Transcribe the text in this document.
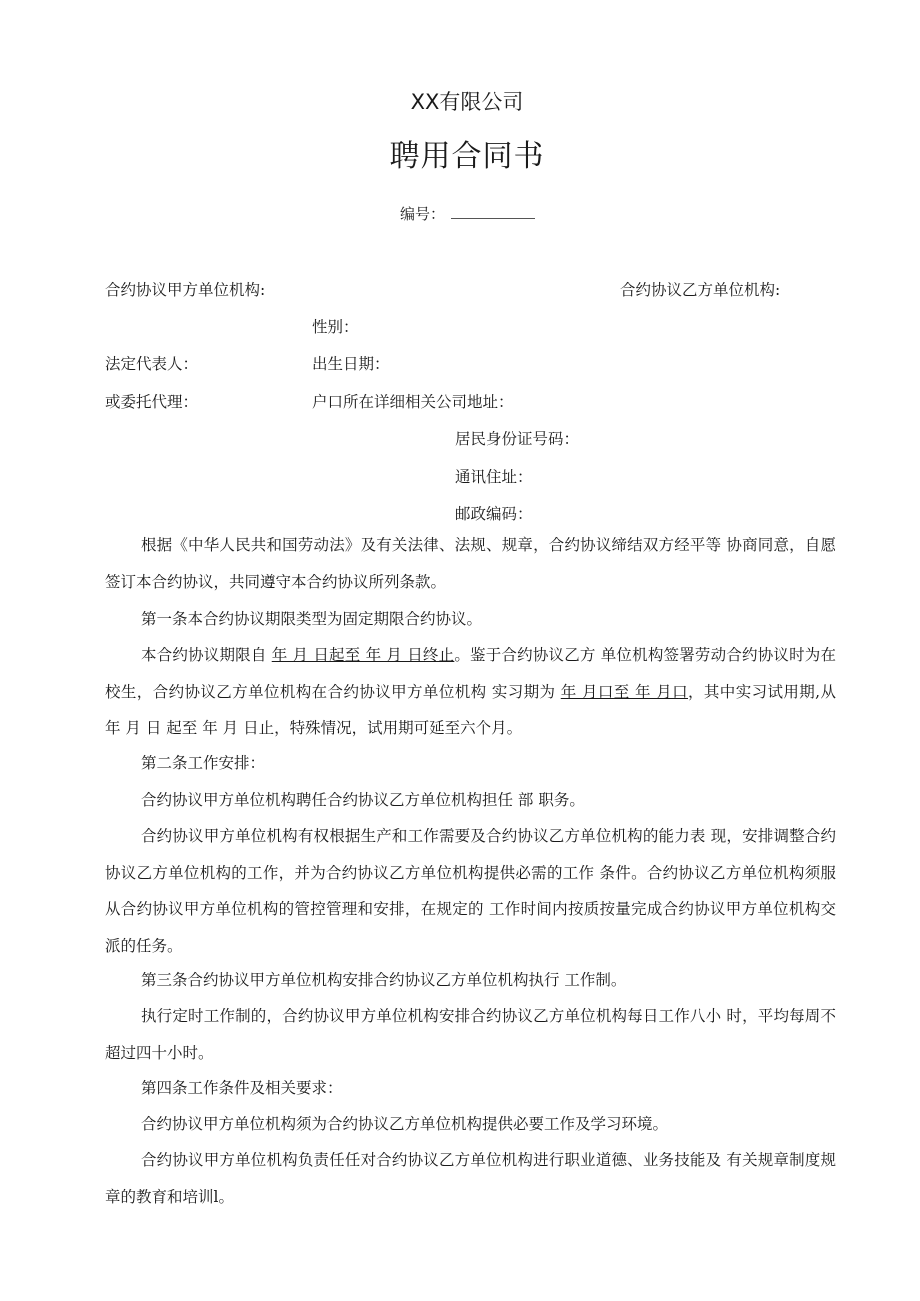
XX有限公司
聘用合同书
编号：
合约协议甲方单位机构:	合约协议乙方单位机构:
性别：
法定代表人：	出生日期：
或委托代理：	户口所在详细相关公司地址：
居民身份证号码：
通讯住址：
邮政编码：
根据《中华人民共和国劳动法》及有关法律、法规、规章，合约协议缔结双方经平等 协商同意，自愿签订本合约协议，共同遵守本合约协议所列条款。
第一条本合约协议期限类型为固定期限合约协议。
本合约协议期限自 年 月 日起至 年 月 日终止。鉴于合约协议乙方 单位机构签署劳动合约协议时为在校生，合约协议乙方单位机构在合约协议甲方单位机构 实习期为 年 月口至 年 月口，其中实习试用期,从 年 月 日 起至 年 月 日止，特殊情况，试用期可延至六个月。
第二条工作安排：
合约协议甲方单位机构聘任合约协议乙方单位机构担任 部 职务。
合约协议甲方单位机构有权根据生产和工作需要及合约协议乙方单位机构的能力表 现，安排调整合约协议乙方单位机构的工作，并为合约协议乙方单位机构提供必需的工作 条件。合约协议乙方单位机构须服从合约协议甲方单位机构的管控管理和安排，在规定的 工作时间内按质按量完成合约协议甲方单位机构交派的任务。
第三条合约协议甲方单位机构安排合约协议乙方单位机构执行 工作制。
执行定时工作制的，合约协议甲方单位机构安排合约协议乙方单位机构每日工作八小 时，平均每周不超过四十小时。
第四条工作条件及相关要求：
合约协议甲方单位机构须为合约协议乙方单位机构提供必要工作及学习环境。
合约协议甲方单位机构负责任任对合约协议乙方单位机构进行职业道德、业务技能及 有关规章制度规章的教育和培训l。
